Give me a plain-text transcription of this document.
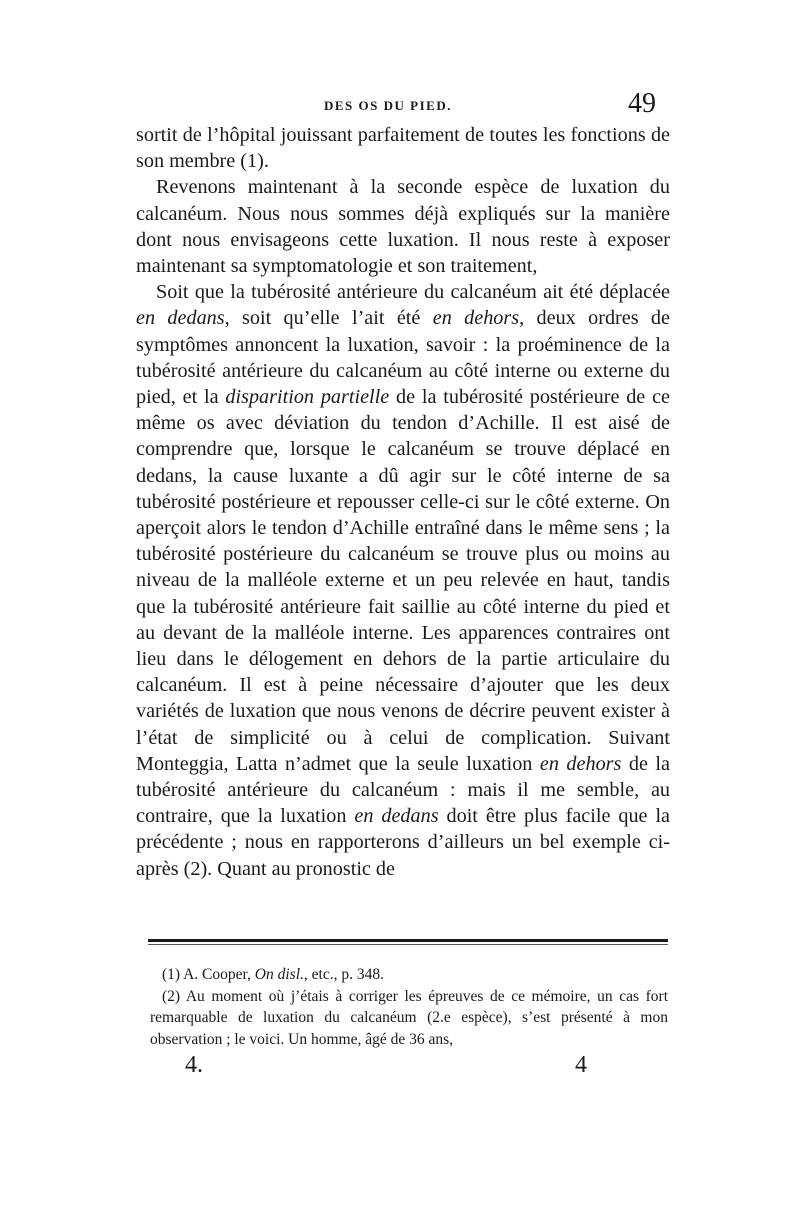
DES OS DU PIED.	49

sortit de l’hôpital jouissant parfaitement de toutes les fonctions de son membre (1).

Revenons maintenant à la seconde espèce de luxation du calcanéum. Nous nous sommes déjà expliqués sur la manière dont nous envisageons cette luxation. Il nous reste à exposer maintenant sa symptomatologie et son traitement,

Soit que la tubérosité antérieure du calcanéum ait été déplacée en dedans, soit qu’elle l’ait été en dehors, deux ordres de symptômes annoncent la luxation, savoir : la proéminence de la tubérosité antérieure du calcanéum au côté interne ou externe du pied, et la disparition partielle de la tubérosité postérieure de ce même os avec déviation du tendon d’Achille. Il est aisé de comprendre que, lorsque le calcanéum se trouve déplacé en dedans, la cause luxante a dû agir sur le côté interne de sa tubérosité postérieure et repousser celle-ci sur le côté externe. On aperçoit alors le tendon d’Achille entraîné dans le même sens ; la tubérosité postérieure du calcanéum se trouve plus ou moins au niveau de la malléole externe et un peu relevée en haut, tandis que la tubérosité antérieure fait saillie au côté interne du pied et au devant de la malléole interne. Les apparences contraires ont lieu dans le délogement en dehors de la partie articulaire du calcanéum. Il est à peine nécessaire d’ajouter que les deux variétés de luxation que nous venons de décrire peuvent exister à l’état de simplicité ou à celui de complication. Suivant Monteggia, Latta n’admet que la seule luxation en dehors de la tubérosité antérieure du calcanéum : mais il me semble, au contraire, que la luxation en dedans doit être plus facile que la précédente ; nous en rapporterons d’ailleurs un bel exemple ci-après (2). Quant au pronostic de

(1) A. Cooper, On disl., etc., p. 348.

(2) Au moment où j’étais à corriger les épreuves de ce mémoire, un cas fort remarquable de luxation du calcanéum (2.e espèce), s’est présenté à mon observation ; le voici. Un homme, âgé de 36 ans,

4.	4
